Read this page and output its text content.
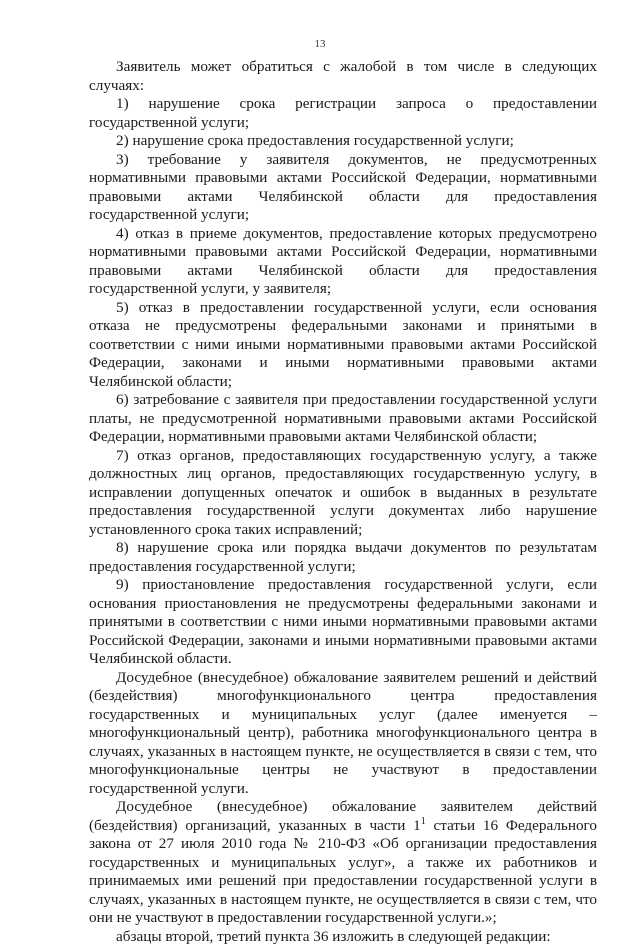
13

Заявитель может обратиться с жалобой в том числе в следующих случаях:

1) нарушение срока регистрации запроса о предоставлении государственной услуги;

2) нарушение срока предоставления государственной услуги;

3) требование у заявителя документов, не предусмотренных нормативными правовыми актами Российской Федерации, нормативными правовыми актами Челябинской области для предоставления государственной услуги;

4) отказ в приеме документов, предоставление которых предусмотрено нормативными правовыми актами Российской Федерации, нормативными правовыми актами Челябинской области для предоставления государственной услуги, у заявителя;

5) отказ в предоставлении государственной услуги, если основания отказа не предусмотрены федеральными законами и принятыми в соответствии с ними иными нормативными правовыми актами Российской Федерации, законами и иными нормативными правовыми актами Челябинской области;

6) затребование с заявителя при предоставлении государственной услуги платы, не предусмотренной нормативными правовыми актами Российской Федерации, нормативными правовыми актами Челябинской области;

7) отказ органов, предоставляющих государственную услугу, а также должностных лиц органов, предоставляющих государственную услугу, в исправлении допущенных опечаток и ошибок в выданных в результате предоставления государственной услуги документах либо нарушение установленного срока таких исправлений;

8) нарушение срока или порядка выдачи документов по результатам предоставления государственной услуги;

9) приостановление предоставления государственной услуги, если основания приостановления не предусмотрены федеральными законами и принятыми в соответствии с ними иными нормативными правовыми актами Российской Федерации, законами и иными нормативными правовыми актами Челябинской области.

Досудебное (внесудебное) обжалование заявителем решений и действий (бездействия) многофункционального центра предоставления государственных и муниципальных услуг (далее именуется – многофункциональный центр), работника многофункционального центра в случаях, указанных в настоящем пункте, не осуществляется в связи с тем, что многофункциональные центры не участвуют в предоставлении государственной услуги.

Досудебное (внесудебное) обжалование заявителем действий (бездействия) организаций, указанных в части $1^1$ статьи 16 Федерального закона от 27 июля 2010 года № 210-ФЗ «Об организации предоставления государственных и муниципальных услуг», а также их работников и принимаемых ими решений при предоставлении государственной услуги в случаях, указанных в настоящем пункте, не осуществляется в связи с тем, что они не участвуют в предоставлении государственной услуги.»;

абзацы второй, третий пункта 36 изложить в следующей редакции:
